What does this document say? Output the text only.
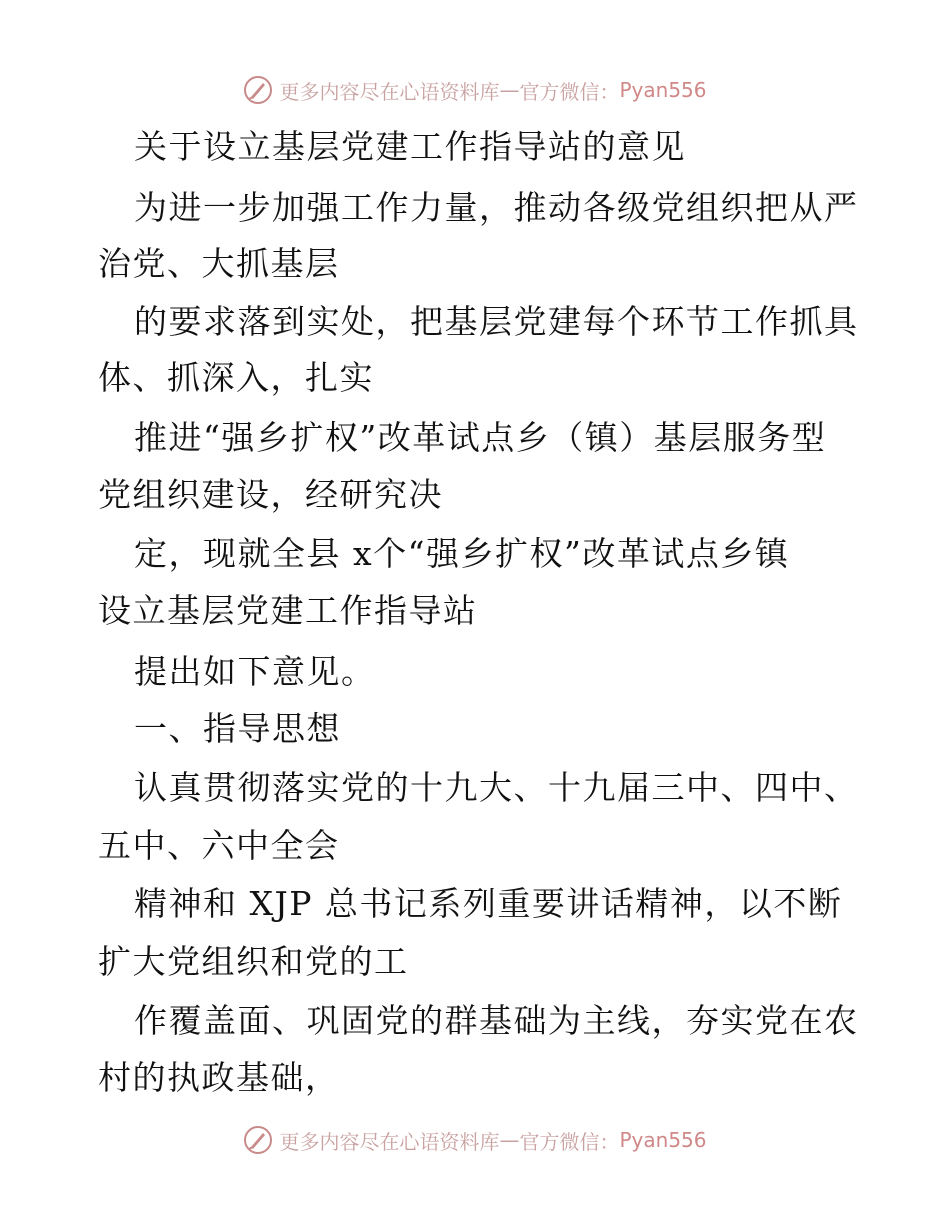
更多内容尽在心语资料库 — 官方微信： Pyan556
关于设立基层党建工作指导站的意见
为进一步加强工作力量，推动各级党组织把从严
治党、大抓基层
的要求落到实处，把基层党建每个环节工作抓具
体、抓深入，扎实
推进“强乡扩权”改革试点乡（镇）基层服务型
党组织建设，经研究决
定，现就全县 x个“强乡扩权”改革试点乡镇
设立基层党建工作指导站
提出如下意见。
一、指导思想
认真贯彻落实党的十九大、十九届三中、四中、
五中、六中全会
精神和 XJP 总书记系列重要讲话精神，以不断
扩大党组织和党的工
作覆盖面、巩固党的群基础为主线，夯实党在农
村的执政基础，
更多内容尽在心语资料库 — 官方微信： Pyan556
